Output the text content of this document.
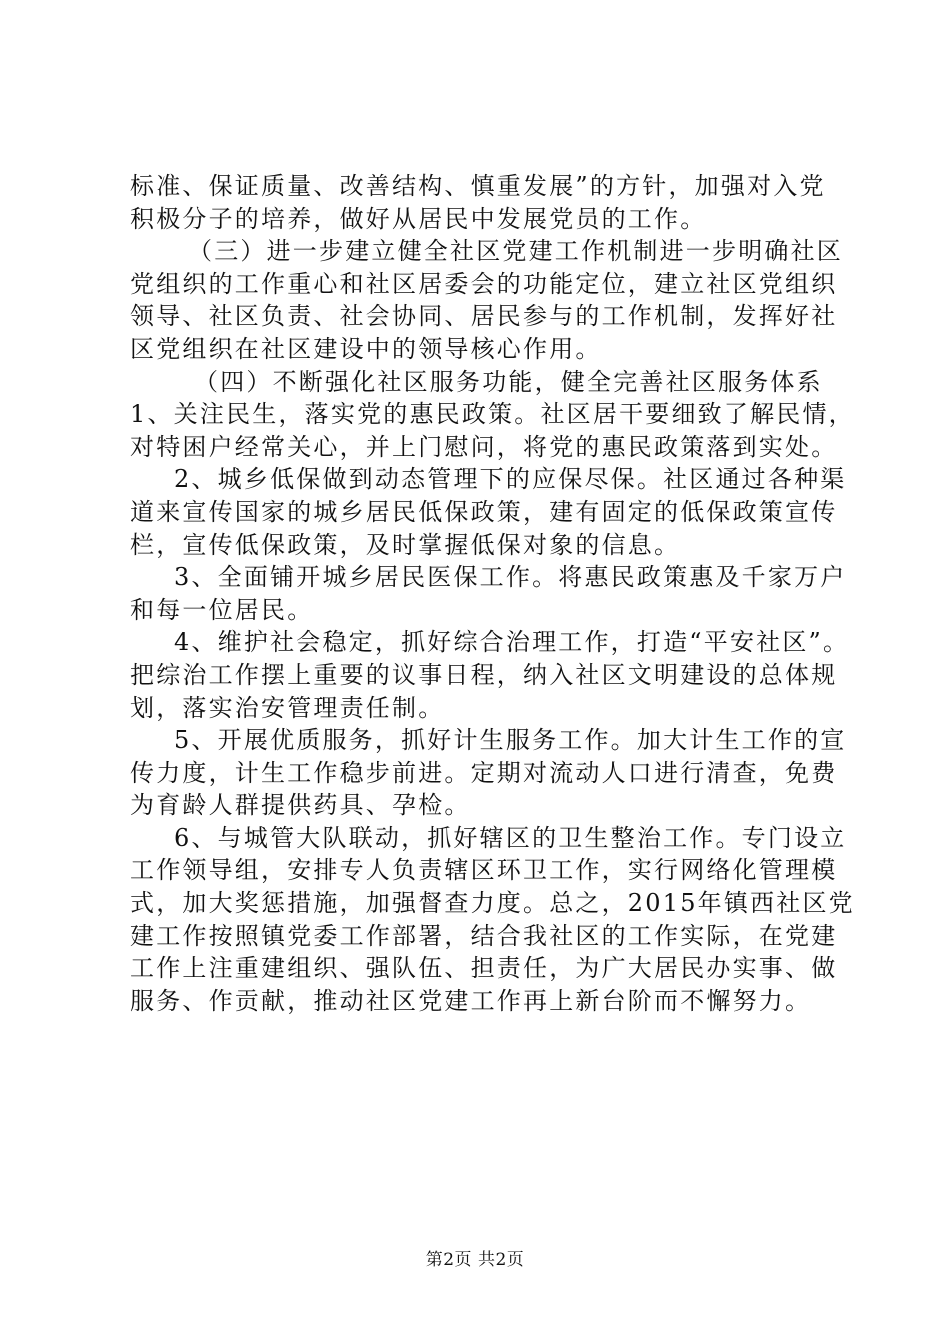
标准、保证质量、改善结构、慎重发展”的方针，加强对入党
积极分子的培养，做好从居民中发展党员的工作。
（三）进一步建立健全社区党建工作机制进一步明确社区
党组织的工作重心和社区居委会的功能定位，建立社区党组织
领导、社区负责、社会协同、居民参与的工作机制，发挥好社
区党组织在社区建设中的领导核心作用。
（四）不断强化社区服务功能，健全完善社区服务体系
1、关注民生，落实党的惠民政策。社区居干要细致了解民情，
对特困户经常关心，并上门慰问，将党的惠民政策落到实处。
2、城乡低保做到动态管理下的应保尽保。社区通过各种渠
道来宣传国家的城乡居民低保政策，建有固定的低保政策宣传
栏，宣传低保政策，及时掌握低保对象的信息。
3、全面铺开城乡居民医保工作。将惠民政策惠及千家万户
和每一位居民。
4、维护社会稳定，抓好综合治理工作，打造“平安社区”。
把综治工作摆上重要的议事日程，纳入社区文明建设的总体规
划，落实治安管理责任制。
5、开展优质服务，抓好计生服务工作。加大计生工作的宣
传力度，计生工作稳步前进。定期对流动人口进行清查，免费
为育龄人群提供药具、孕检。
6、与城管大队联动，抓好辖区的卫生整治工作。专门设立
工作领导组，安排专人负责辖区环卫工作，实行网络化管理模
式，加大奖惩措施，加强督查力度。总之，2015年镇西社区党
建工作按照镇党委工作部署，结合我社区的工作实际，在党建
工作上注重建组织、强队伍、担责任，为广大居民办实事、做
服务、作贡献，推动社区党建工作再上新台阶而不懈努力。
第2页 共2页
